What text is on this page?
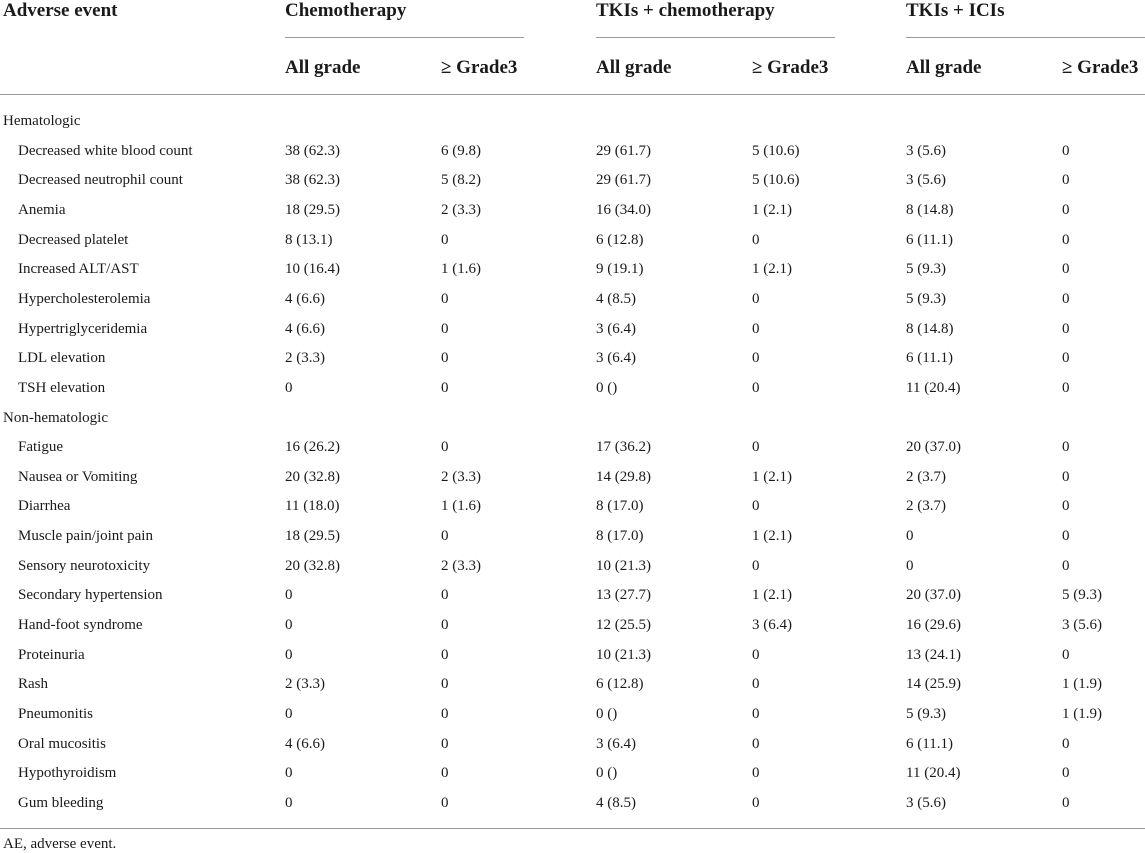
Adverse event	Chemotherapy	TKIs + chemotherapy	TKIs + ICIs
All grade	≥ Grade3	All grade	≥ Grade3	All grade	≥ Grade3
Hematologic
Decreased white blood count	38 (62.3)	6 (9.8)	29 (61.7)	5 (10.6)	3 (5.6)	0
Decreased neutrophil count	38 (62.3)	5 (8.2)	29 (61.7)	5 (10.6)	3 (5.6)	0
Anemia	18 (29.5)	2 (3.3)	16 (34.0)	1 (2.1)	8 (14.8)	0
Decreased platelet	8 (13.1)	0	6 (12.8)	0	6 (11.1)	0
Increased ALT/AST	10 (16.4)	1 (1.6)	9 (19.1)	1 (2.1)	5 (9.3)	0
Hypercholesterolemia	4 (6.6)	0	4 (8.5)	0	5 (9.3)	0
Hypertriglyceridemia	4 (6.6)	0	3 (6.4)	0	8 (14.8)	0
LDL elevation	2 (3.3)	0	3 (6.4)	0	6 (11.1)	0
TSH elevation	0	0	0 ()	0	11 (20.4)	0
Non-hematologic
Fatigue	16 (26.2)	0	17 (36.2)	0	20 (37.0)	0
Nausea or Vomiting	20 (32.8)	2 (3.3)	14 (29.8)	1 (2.1)	2 (3.7)	0
Diarrhea	11 (18.0)	1 (1.6)	8 (17.0)	0	2 (3.7)	0
Muscle pain/joint pain	18 (29.5)	0	8 (17.0)	1 (2.1)	0	0
Sensory neurotoxicity	20 (32.8)	2 (3.3)	10 (21.3)	0	0	0
Secondary hypertension	0	0	13 (27.7)	1 (2.1)	20 (37.0)	5 (9.3)
Hand-foot syndrome	0	0	12 (25.5)	3 (6.4)	16 (29.6)	3 (5.6)
Proteinuria	0	0	10 (21.3)	0	13 (24.1)	0
Rash	2 (3.3)	0	6 (12.8)	0	14 (25.9)	1 (1.9)
Pneumonitis	0	0	0 ()	0	5 (9.3)	1 (1.9)
Oral mucositis	4 (6.6)	0	3 (6.4)	0	6 (11.1)	0
Hypothyroidism	0	0	0 ()	0	11 (20.4)	0
Gum bleeding	0	0	4 (8.5)	0	3 (5.6)	0
AE, adverse event.
